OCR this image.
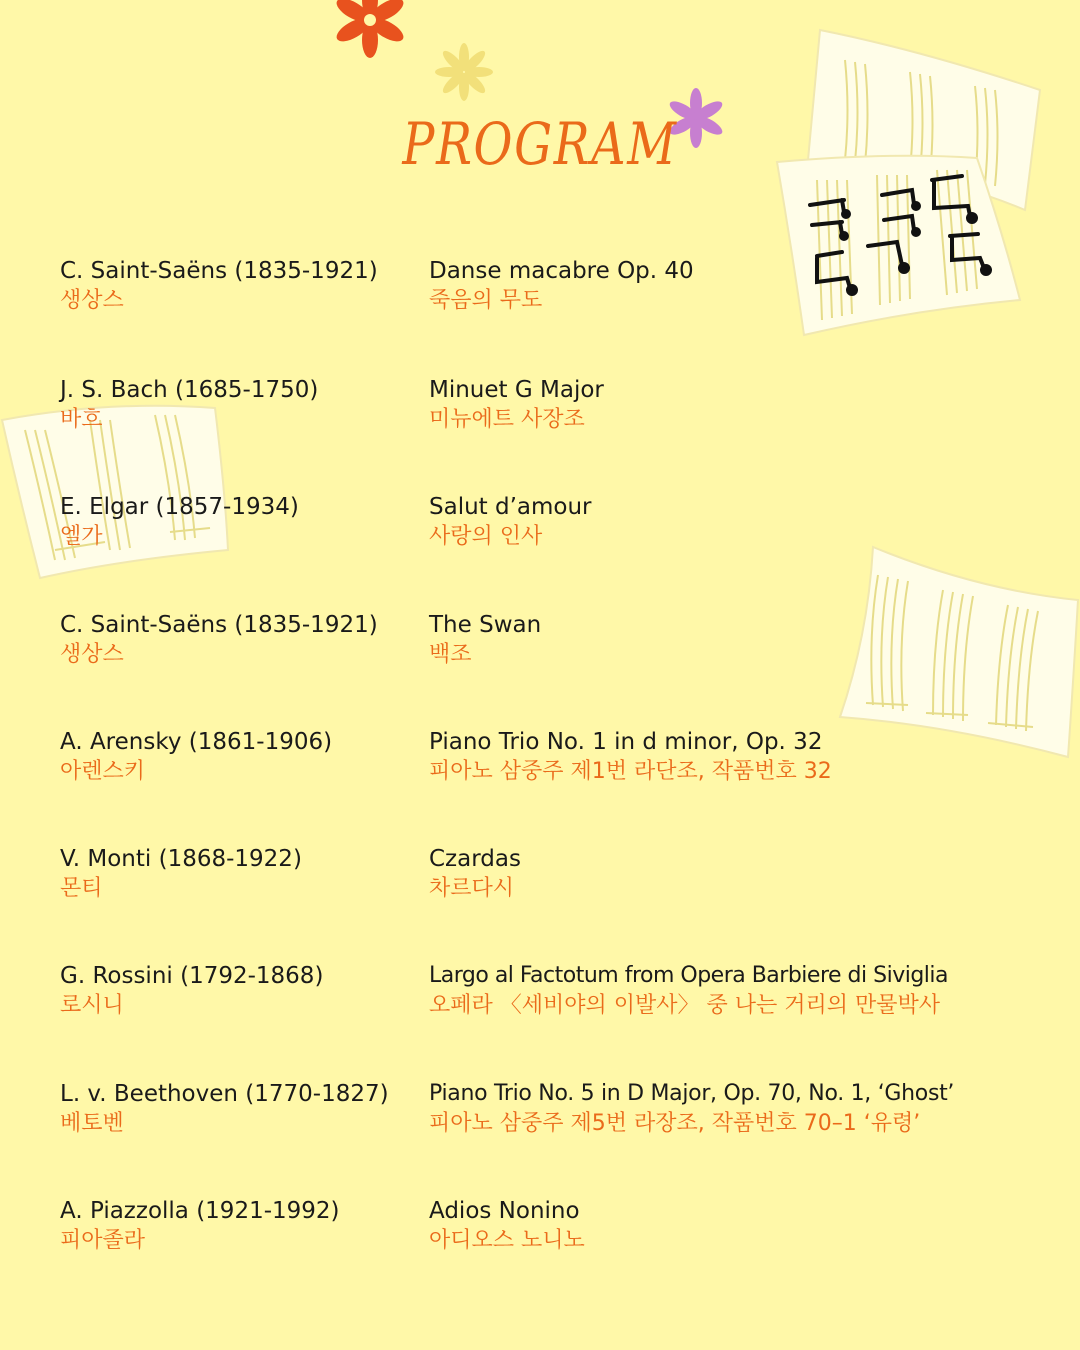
PROGRAM
C. Saint-Saëns (1835-1921)
생상스
Danse macabre Op. 40
죽음의 무도
J. S. Bach (1685-1750)
바흐
Minuet G Major
미뉴에트 사장조
E. Elgar (1857-1934)
엘가
Salut d’amour
사랑의 인사
C. Saint-Saëns (1835-1921)
생상스
The Swan
백조
A. Arensky (1861-1906)
아렌스키
Piano Trio No. 1 in d minor, Op. 32
피아노 삼중주 제1번 라단조, 작품번호 32
V. Monti (1868-1922)
몬티
Czardas
차르다시
G. Rossini (1792-1868)
로시니
Largo al Factotum from Opera Barbiere di Siviglia
오페라 〈세비야의 이발사〉 중 나는 거리의 만물박사
L. v. Beethoven (1770-1827)
베토벤
Piano Trio No. 5 in D Major, Op. 70, No. 1, ‘Ghost’
피아노 삼중주 제5번 라장조, 작품번호 70–1 ‘유령’
A. Piazzolla (1921-1992)
피아졸라
Adios Nonino
아디오스 노니노
